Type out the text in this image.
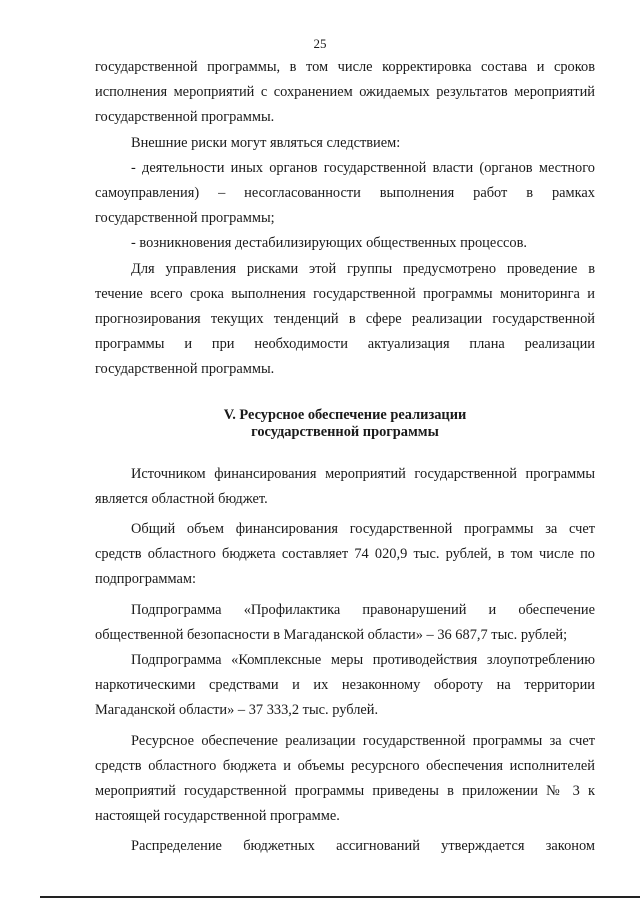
25

государственной программы, в том числе корректировка состава и сроков исполнения мероприятий с сохранением ожидаемых результатов мероприятий государственной программы.

Внешние риски могут являться следствием:

- деятельности иных органов государственной власти (органов местного самоуправления) – несогласованности выполнения работ в рамках государственной программы;

- возникновения дестабилизирующих общественных процессов.

Для управления рисками этой группы предусмотрено проведение в течение всего срока выполнения государственной программы мониторинга и прогнозирования текущих тенденций в сфере реализации государственной программы и при необходимости актуализация плана реализации государственной программы.

V. Ресурсное обеспечение реализации
государственной программы

Источником финансирования мероприятий государственной программы является областной бюджет.

Общий объем финансирования государственной программы за счет средств областного бюджета составляет 74 020,9 тыс. рублей, в том числе по подпрограммам:

Подпрограмма «Профилактика правонарушений и обеспечение общественной безопасности в Магаданской области» – 36 687,7 тыс. рублей;

Подпрограмма «Комплексные меры противодействия злоупотреблению наркотическими средствами и их незаконному обороту на территории Магаданской области» – 37 333,2 тыс. рублей.

Ресурсное обеспечение реализации государственной программы за счет средств областного бюджета и объемы ресурсного обеспечения исполнителей мероприятий государственной программы приведены в приложении № 3 к настоящей государственной программе.

Распределение бюджетных ассигнований утверждается законом
